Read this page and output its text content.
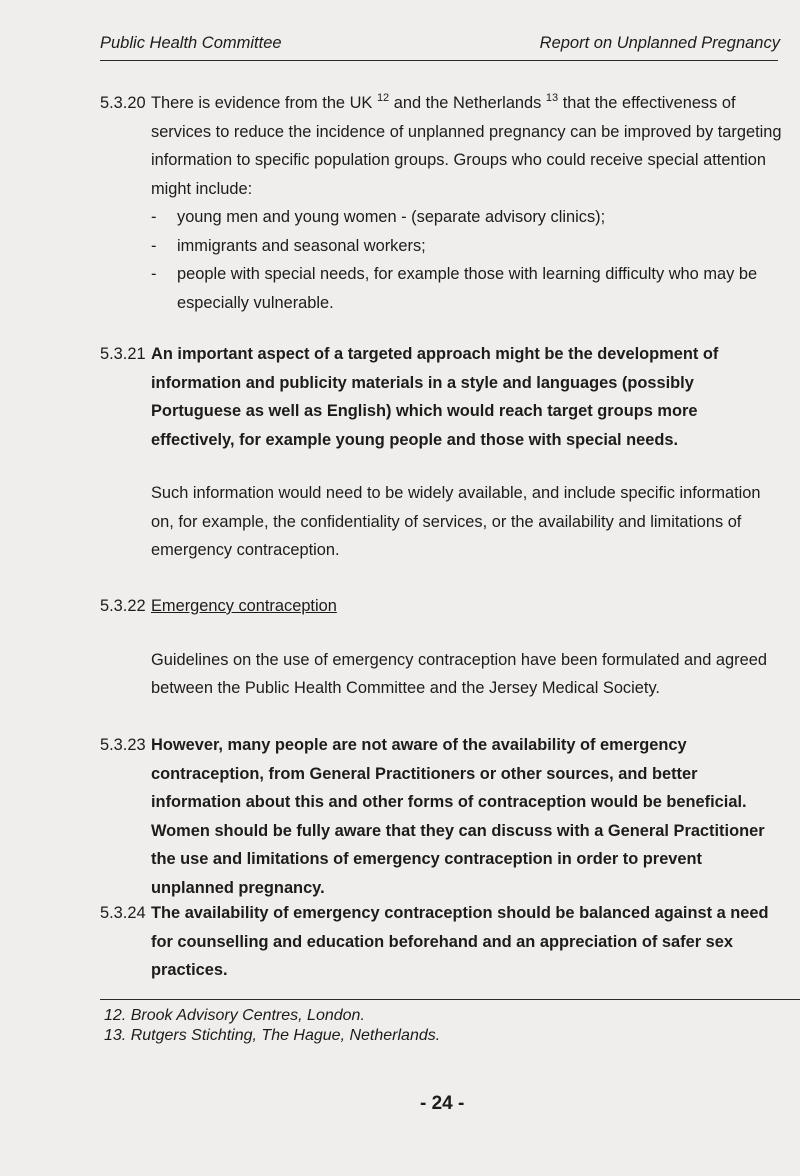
Public Health Committee	Report on Unplanned Pregnancy
5.3.20 There is evidence from the UK $^{12}$ and the Netherlands $^{13}$ that the effectiveness of services to reduce the incidence of unplanned pregnancy can be improved by targeting information to specific population groups. Groups who could receive special attention might include:
- young men and young women - (separate advisory clinics);
- immigrants and seasonal workers;
- people with special needs, for example those with learning difficulty who may be especially vulnerable.
5.3.21 An important aspect of a targeted approach might be the development of information and publicity materials in a style and languages (possibly Portuguese as well as English) which would reach target groups more effectively, for example young people and those with special needs.
Such information would need to be widely available, and include specific information on, for example, the confidentiality of services, or the availability and limitations of emergency contraception.
5.3.22 Emergency contraception
Guidelines on the use of emergency contraception have been formulated and agreed between the Public Health Committee and the Jersey Medical Society.
5.3.23 However, many people are not aware of the availability of emergency contraception, from General Practitioners or other sources, and better information about this and other forms of contraception would be beneficial. Women should be fully aware that they can discuss with a General Practitioner the use and limitations of emergency contraception in order to prevent unplanned pregnancy.
5.3.24 The availability of emergency contraception should be balanced against a need for counselling and education beforehand and an appreciation of safer sex practices.
12. Brook Advisory Centres, London.
13. Rutgers Stichting, The Hague, Netherlands.
- 24 -
